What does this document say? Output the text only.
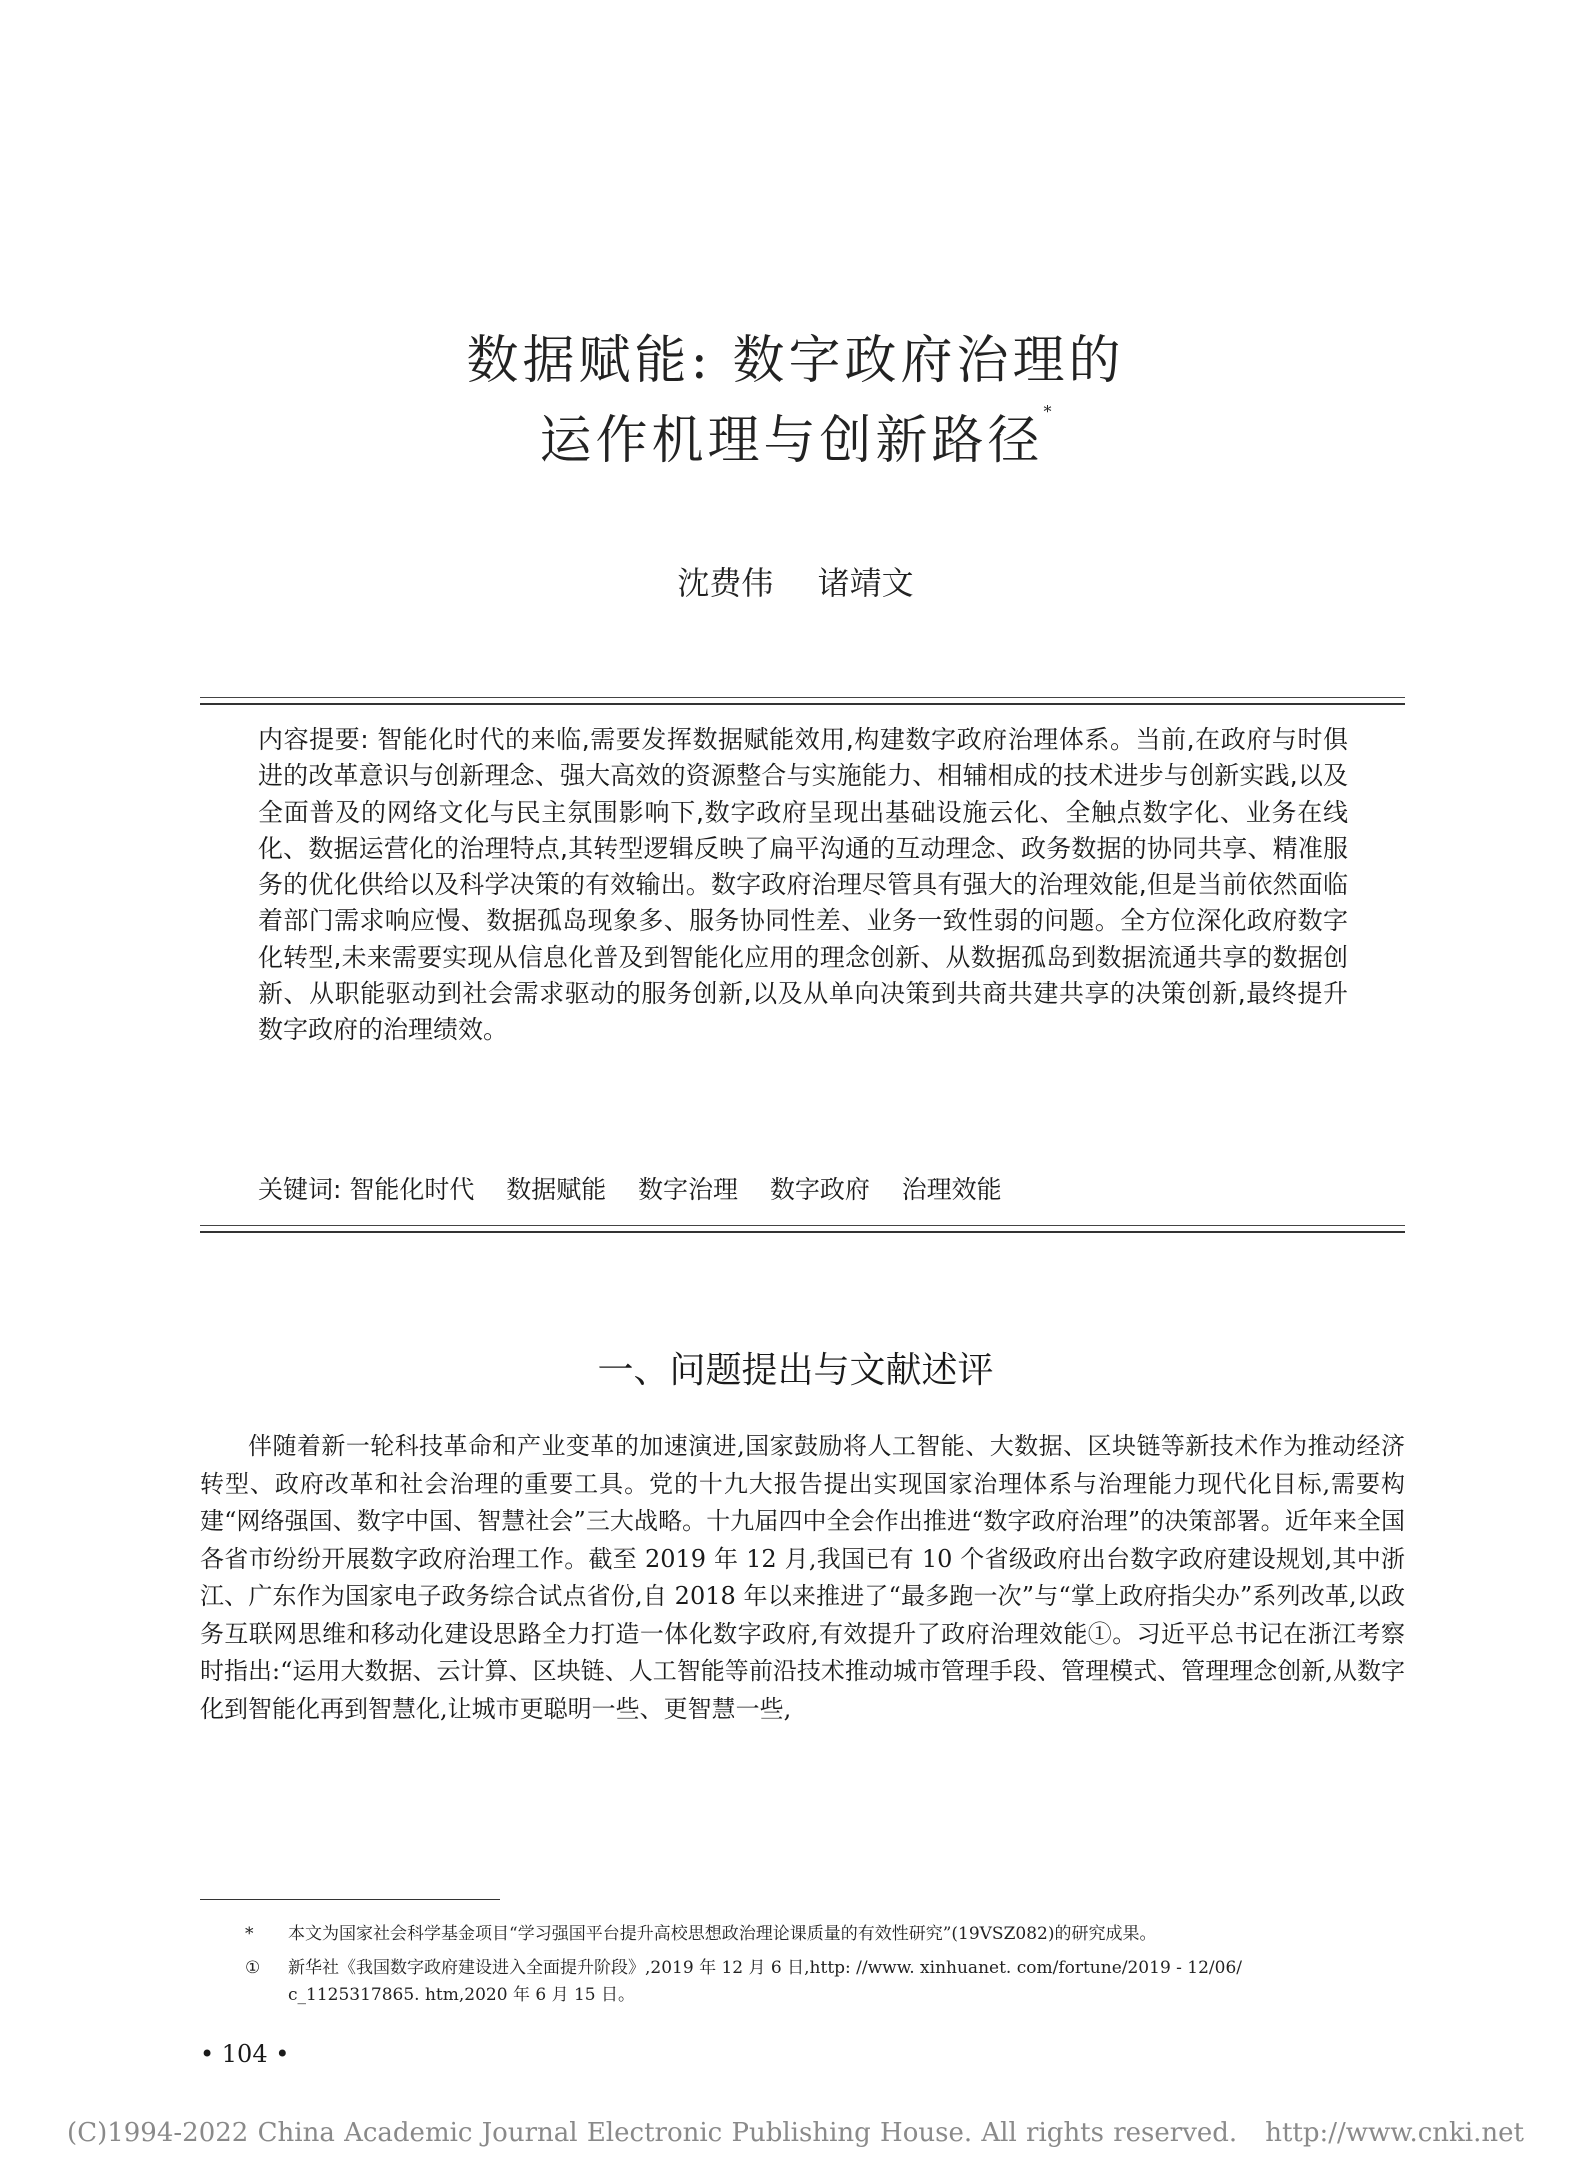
数据赋能: 数字政府治理的
运作机理与创新路径*
沈费伟 诸靖文
内容提要: 智能化时代的来临,需要发挥数据赋能效用,构建数字政府治理体系。当前,在政府与时俱进的改革意识与创新理念、强大高效的资源整合与实施能力、相辅相成的技术进步与创新实践,以及全面普及的网络文化与民主氛围影响下,数字政府呈现出基础设施云化、全触点数字化、业务在线化、数据运营化的治理特点,其转型逻辑反映了扁平沟通的互动理念、政务数据的协同共享、精准服务的优化供给以及科学决策的有效输出。数字政府治理尽管具有强大的治理效能,但是当前依然面临着部门需求响应慢、数据孤岛现象多、服务协同性差、业务一致性弱的问题。全方位深化政府数字化转型,未来需要实现从信息化普及到智能化应用的理念创新、从数据孤岛到数据流通共享的数据创新、从职能驱动到社会需求驱动的服务创新,以及从单向决策到共商共建共享的决策创新,最终提升数字政府的治理绩效。
关键词: 智能化时代 数据赋能 数字治理 数字政府 治理效能
一、问题提出与文献述评
伴随着新一轮科技革命和产业变革的加速演进,国家鼓励将人工智能、大数据、区块链等新技术作为推动经济转型、政府改革和社会治理的重要工具。党的十九大报告提出实现国家治理体系与治理能力现代化目标,需要构建“网络强国、数字中国、智慧社会”三大战略。十九届四中全会作出推进“数字政府治理”的决策部署。近年来全国各省市纷纷开展数字政府治理工作。截至 2019 年 12 月,我国已有 10 个省级政府出台数字政府建设规划,其中浙江、广东作为国家电子政务综合试点省份,自 2018 年以来推进了“最多跑一次”与“掌上政府指尖办”系列改革,以政务互联网思维和移动化建设思路全力打造一体化数字政府,有效提升了政府治理效能①。习近平总书记在浙江考察时指出:“运用大数据、云计算、区块链、人工智能等前沿技术推动城市管理手段、管理模式、管理理念创新,从数字化到智能化再到智慧化,让城市更聪明一些、更智慧一些,
* 本文为国家社会科学基金项目“学习强国平台提升高校思想政治理论课质量的有效性研究”(19VSZ082)的研究成果。
① 新华社《我国数字政府建设进入全面提升阶段》,2019 年 12 月 6 日,http: //www. xinhuanet. com/fortune/2019 - 12/06/
c_1125317865. htm,2020 年 6 月 15 日。
• 104 •
(C)1994-2022 China Academic Journal Electronic Publishing House. All rights reserved. http://www.cnki.net
